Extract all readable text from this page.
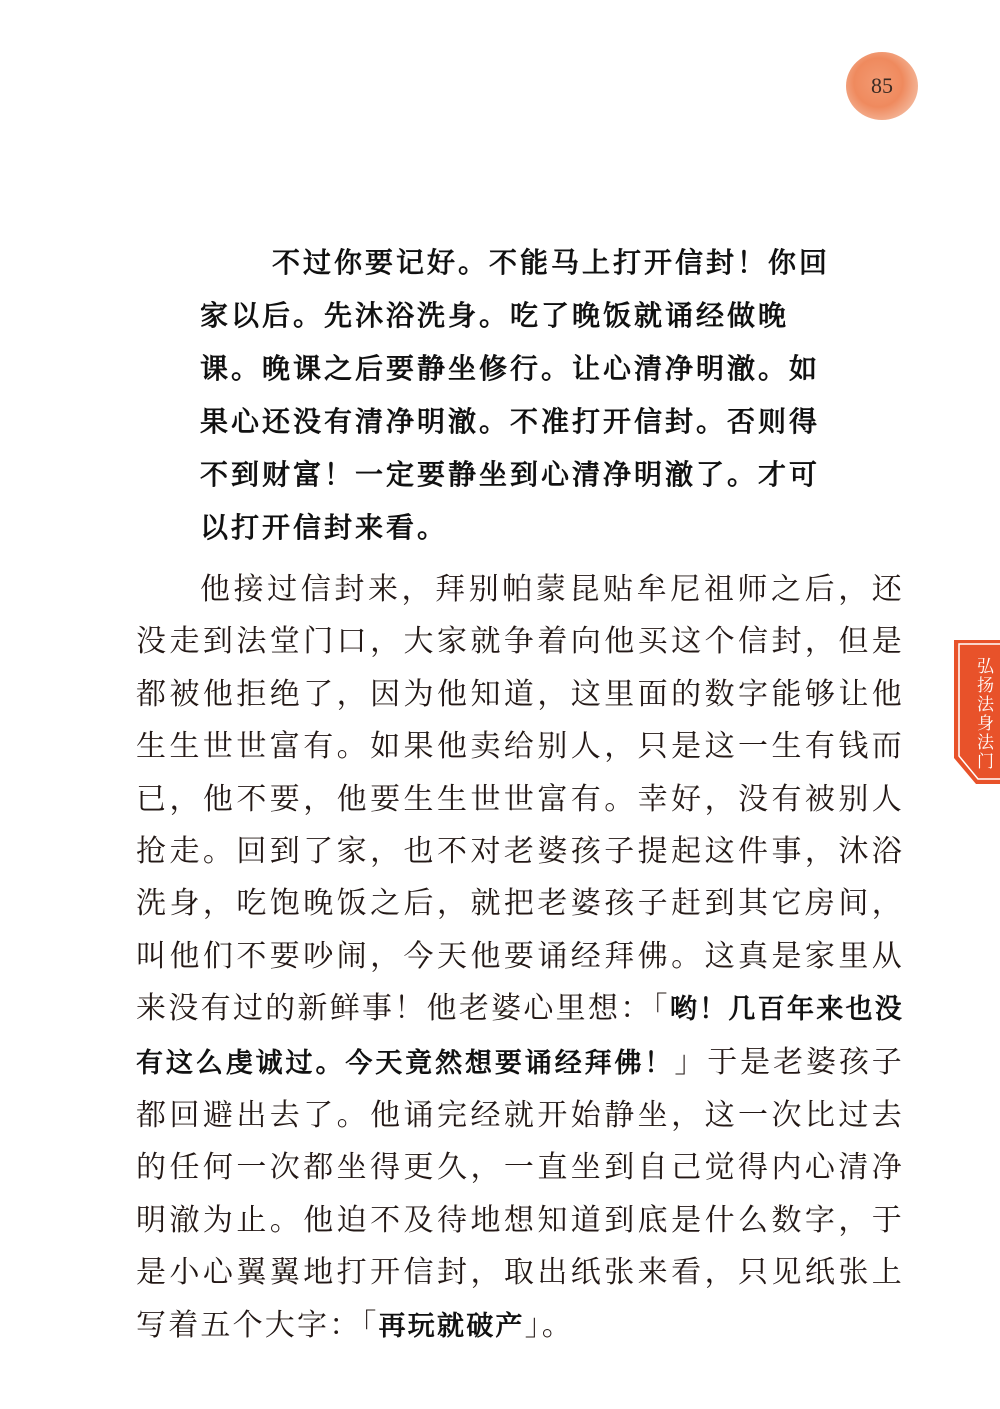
85
弘扬法身法门

不过你要记好。不能马上打开信封！你回家以后。先沐浴洗身。吃了晚饭就诵经做晚课。晚课之后要静坐修行。让心清净明澈。如果心还没有清净明澈。不准打开信封。否则得不到财富！一定要静坐到心清净明澈了。才可以打开信封来看。

他接过信封来，拜别帕蒙昆贴牟尼祖师之后，还没走到法堂门口，大家就争着向他买这个信封，但是都被他拒绝了，因为他知道，这里面的数字能够让他生生世世富有。如果他卖给别人，只是这一生有钱而已，他不要，他要生生世世富有。幸好，没有被别人抢走。回到了家，也不对老婆孩子提起这件事，沐浴洗身，吃饱晚饭之后，就把老婆孩子赶到其它房间，叫他们不要吵闹，今天他要诵经拜佛。这真是家里从来没有过的新鲜事！他老婆心里想：「哟！几百年来也没有这么虔诚过。今天竟然想要诵经拜佛！」于是老婆孩子都回避出去了。他诵完经就开始静坐，这一次比过去的任何一次都坐得更久，一直坐到自己觉得内心清净明澈为止。他迫不及待地想知道到底是什么数字，于是小心翼翼地打开信封，取出纸张来看，只见纸张上写着五个大字：「再玩就破产」。
